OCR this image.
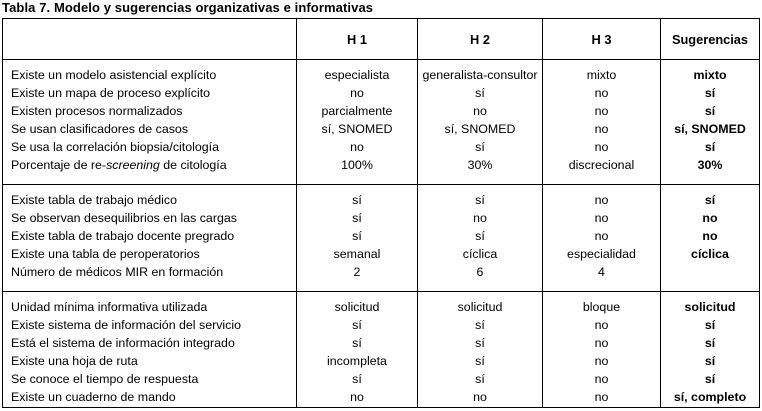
Tabla 7. Modelo y sugerencias organizativas e informativas
	H 1	H 2	H 3	Sugerencias
Existe un modelo asistencial explícito	especialista	generalista-consultor	mixto	mixto
Existe un mapa de proceso explícito	no	sí	no	sí
Existen procesos normalizados	parcialmente	no	no	sí
Se usan clasificadores de casos	sí, SNOMED	sí, SNOMED	no	sí, SNOMED
Se usa la correlación biopsia/citología	no	sí	no	sí
Porcentaje de re-screening de citología	100%	30%	discrecional	30%
Existe tabla de trabajo médico	sí	sí	no	sí
Se observan desequilibrios en las cargas	sí	no	no	no
Existe tabla de trabajo docente pregrado	sí	sí	no	no
Existe una tabla de peroperatorios	semanal	cíclica	especialidad	cíclica
Número de médicos MIR en formación	2	6	4	
Unidad mínima informativa utilizada	solicitud	solicitud	bloque	solicitud
Existe sistema de información del servicio	sí	sí	no	sí
Está el sistema de información integrado	sí	sí	no	sí
Existe una hoja de ruta	incompleta	sí	no	sí
Se conoce el tiempo de respuesta	sí	sí	no	sí
Existe un cuaderno de mando	no	no	no	sí, completo
